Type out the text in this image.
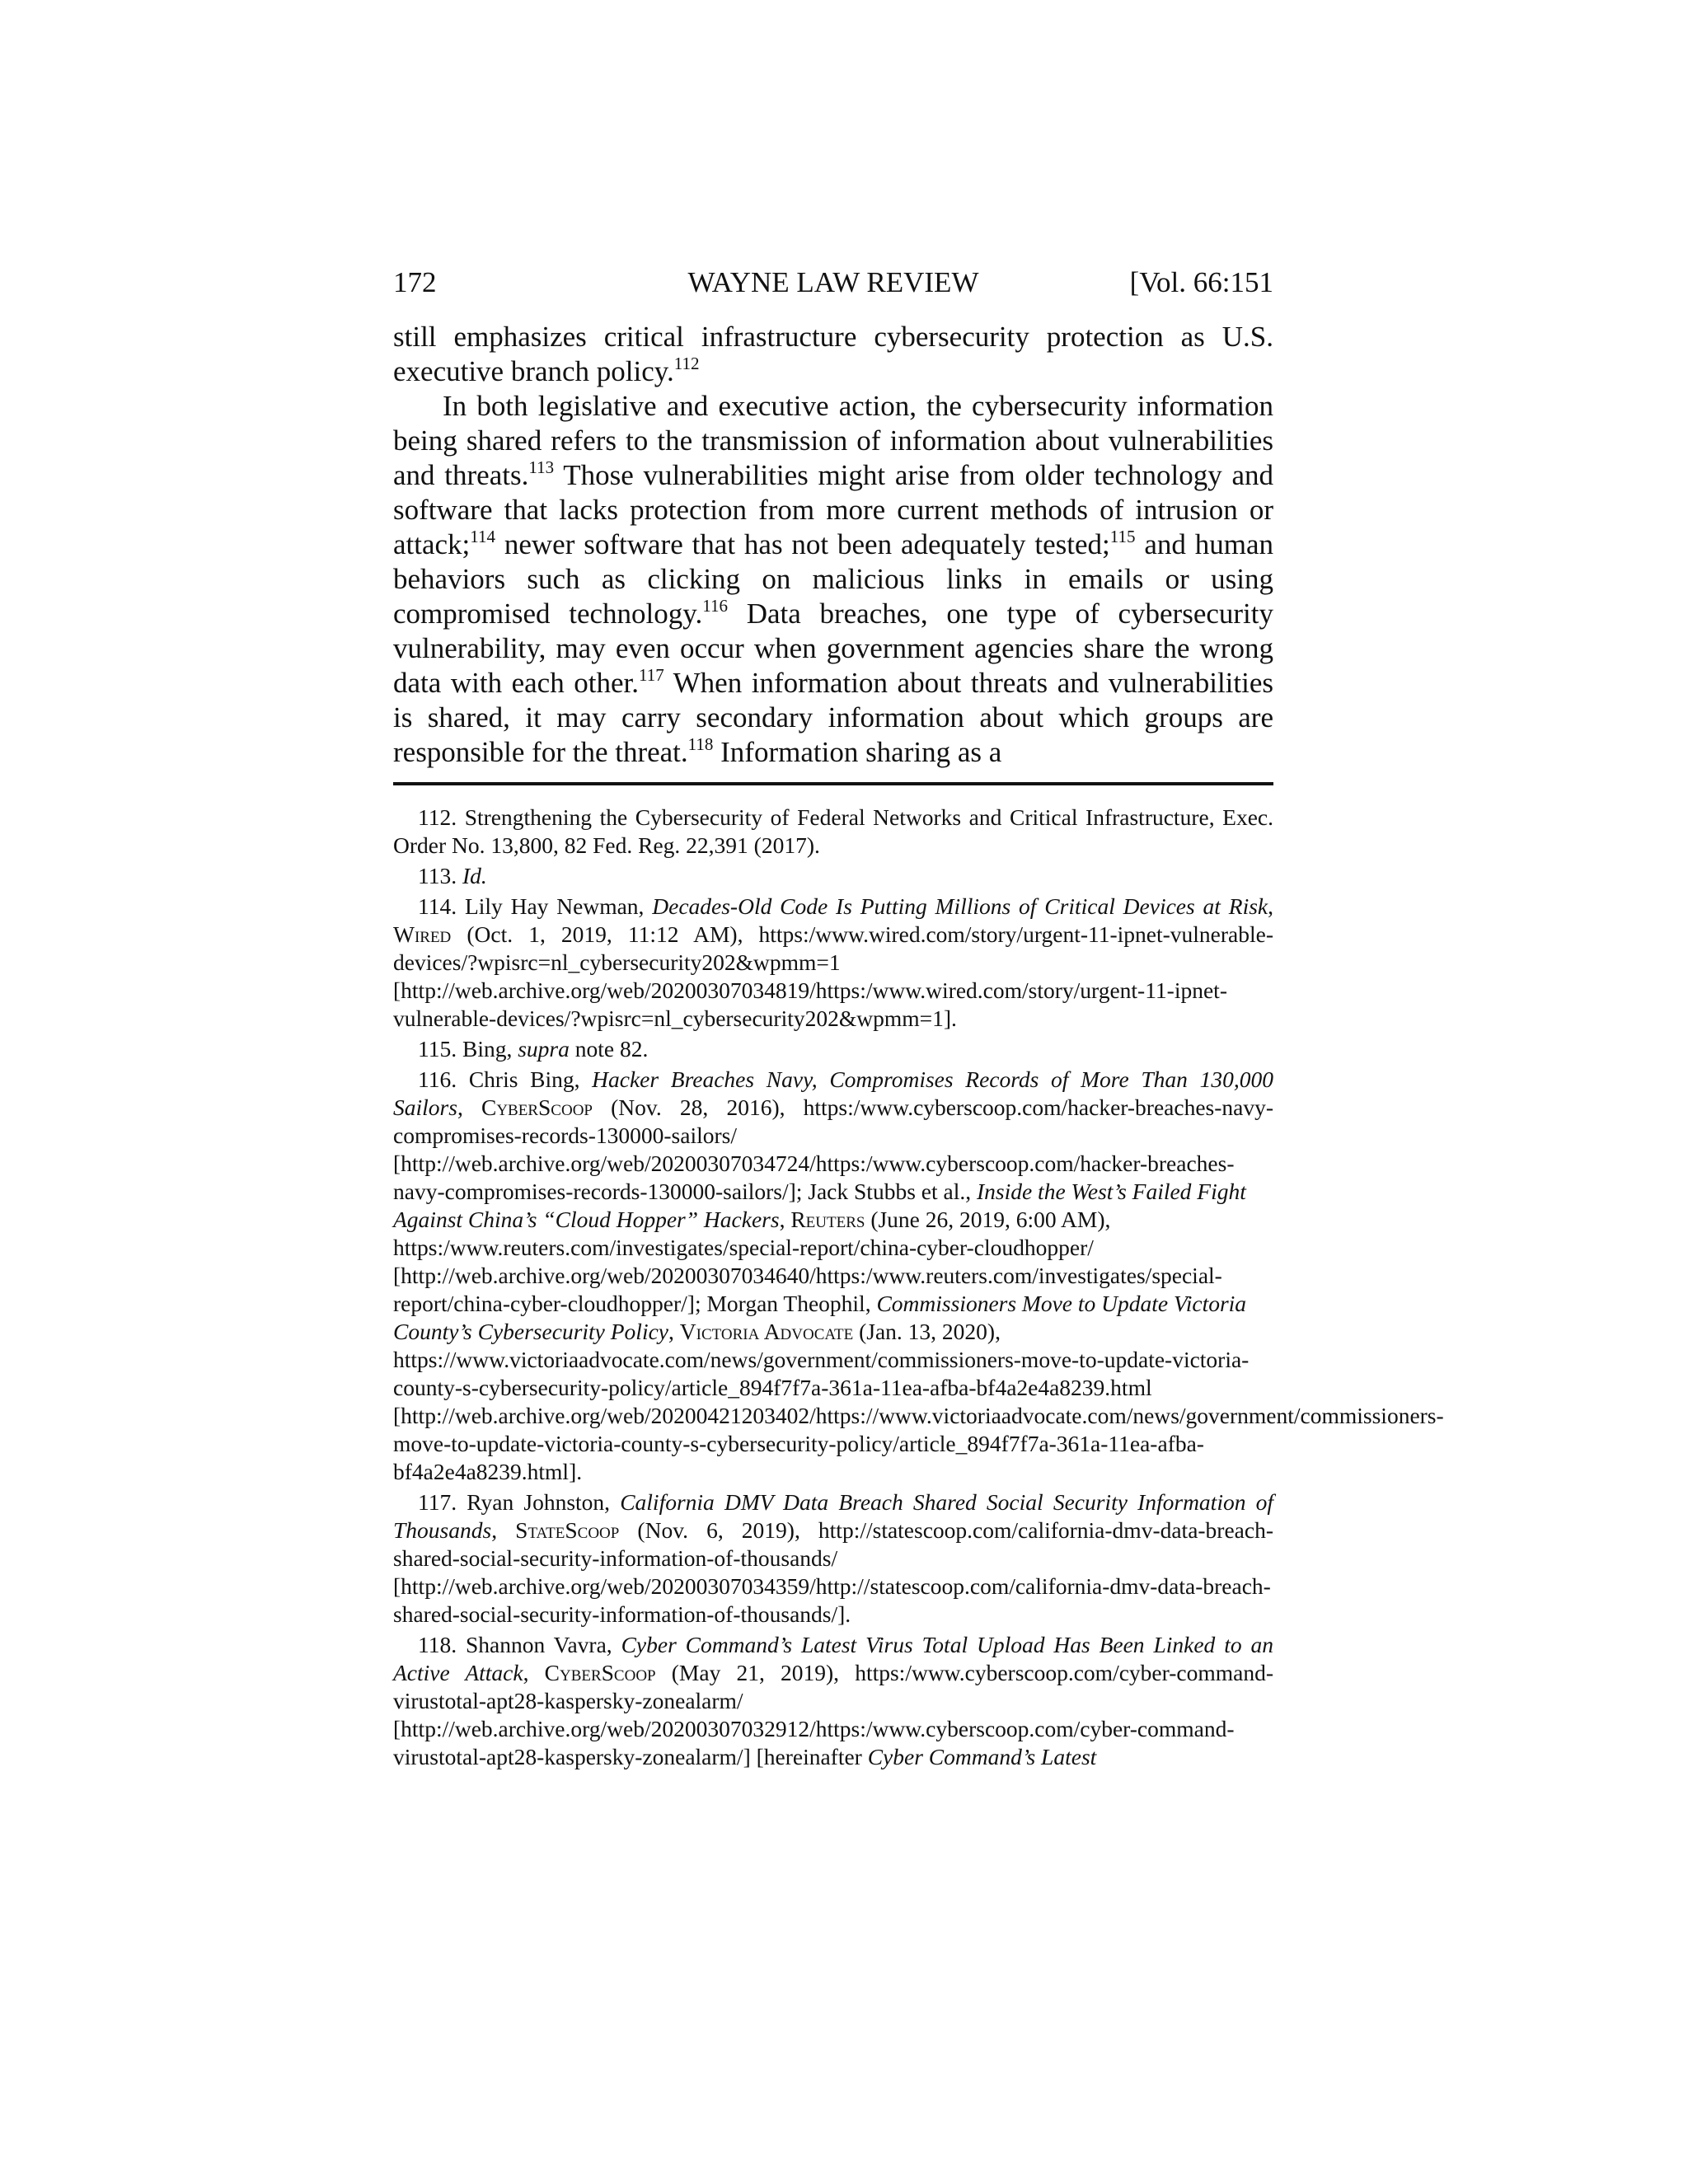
172	WAYNE LAW REVIEW	[Vol. 66:151

still emphasizes critical infrastructure cybersecurity protection as U.S. executive branch policy.$^{112}$

In both legislative and executive action, the cybersecurity information being shared refers to the transmission of information about vulnerabilities and threats.$^{113}$ Those vulnerabilities might arise from older technology and software that lacks protection from more current methods of intrusion or attack;$^{114}$ newer software that has not been adequately tested;$^{115}$ and human behaviors such as clicking on malicious links in emails or using compromised technology.$^{116}$ Data breaches, one type of cybersecurity vulnerability, may even occur when government agencies share the wrong data with each other.$^{117}$ When information about threats and vulnerabilities is shared, it may carry secondary information about which groups are responsible for the threat.$^{118}$ Information sharing as a

112. Strengthening the Cybersecurity of Federal Networks and Critical Infrastructure, Exec. Order No. 13,800, 82 Fed. Reg. 22,391 (2017).
113. Id.
114. Lily Hay Newman, Decades-Old Code Is Putting Millions of Critical Devices at Risk, Wired (Oct. 1, 2019, 11:12 AM), https:/www.wired.com/story/urgent-11-ipnet-vulnerable-devices/?wpisrc=nl_cybersecurity202&wpmm=1
[http://web.archive.org/web/20200307034819/https:/www.wired.com/story/urgent-11-ipnet-vulnerable-devices/?wpisrc=nl_cybersecurity202&wpmm=1].
115. Bing, supra note 82.
116. Chris Bing, Hacker Breaches Navy, Compromises Records of More Than 130,000 Sailors, CyberScoop (Nov. 28, 2016), https:/www.cyberscoop.com/hacker-breaches-navy-compromises-records-130000-sailors/
[http://web.archive.org/web/20200307034724/https:/www.cyberscoop.com/hacker-breaches-navy-compromises-records-130000-sailors/]; Jack Stubbs et al., Inside the West’s Failed Fight Against China’s “Cloud Hopper” Hackers, Reuters (June 26, 2019, 6:00 AM), https:/www.reuters.com/investigates/special-report/china-cyber-cloudhopper/ [http://web.archive.org/web/20200307034640/https:/www.reuters.com/investigates/special-report/china-cyber-cloudhopper/]; Morgan Theophil, Commissioners Move to Update Victoria County’s Cybersecurity Policy, Victoria Advocate (Jan. 13, 2020), https://www.victoriaadvocate.com/news/government/commissioners-move-to-update-victoria-county-s-cybersecurity-policy/article_894f7f7a-361a-11ea-afba-bf4a2e4a8239.html
[http://web.archive.org/web/20200421203402/https://www.victoriaadvocate.com/news/government/commissioners-move-to-update-victoria-county-s-cybersecurity-policy/article_894f7f7a-361a-11ea-afba-bf4a2e4a8239.html].
117. Ryan Johnston, California DMV Data Breach Shared Social Security Information of Thousands, StateScoop (Nov. 6, 2019), http://statescoop.com/california-dmv-data-breach-shared-social-security-information-of-thousands/
[http://web.archive.org/web/20200307034359/http://statescoop.com/california-dmv-data-breach-shared-social-security-information-of-thousands/].
118. Shannon Vavra, Cyber Command’s Latest Virus Total Upload Has Been Linked to an Active Attack, CyberScoop (May 21, 2019), https:/www.cyberscoop.com/cyber-command-virustotal-apt28-kaspersky-zonealarm/
[http://web.archive.org/web/20200307032912/https:/www.cyberscoop.com/cyber-command-virustotal-apt28-kaspersky-zonealarm/] [hereinafter Cyber Command’s Latest
